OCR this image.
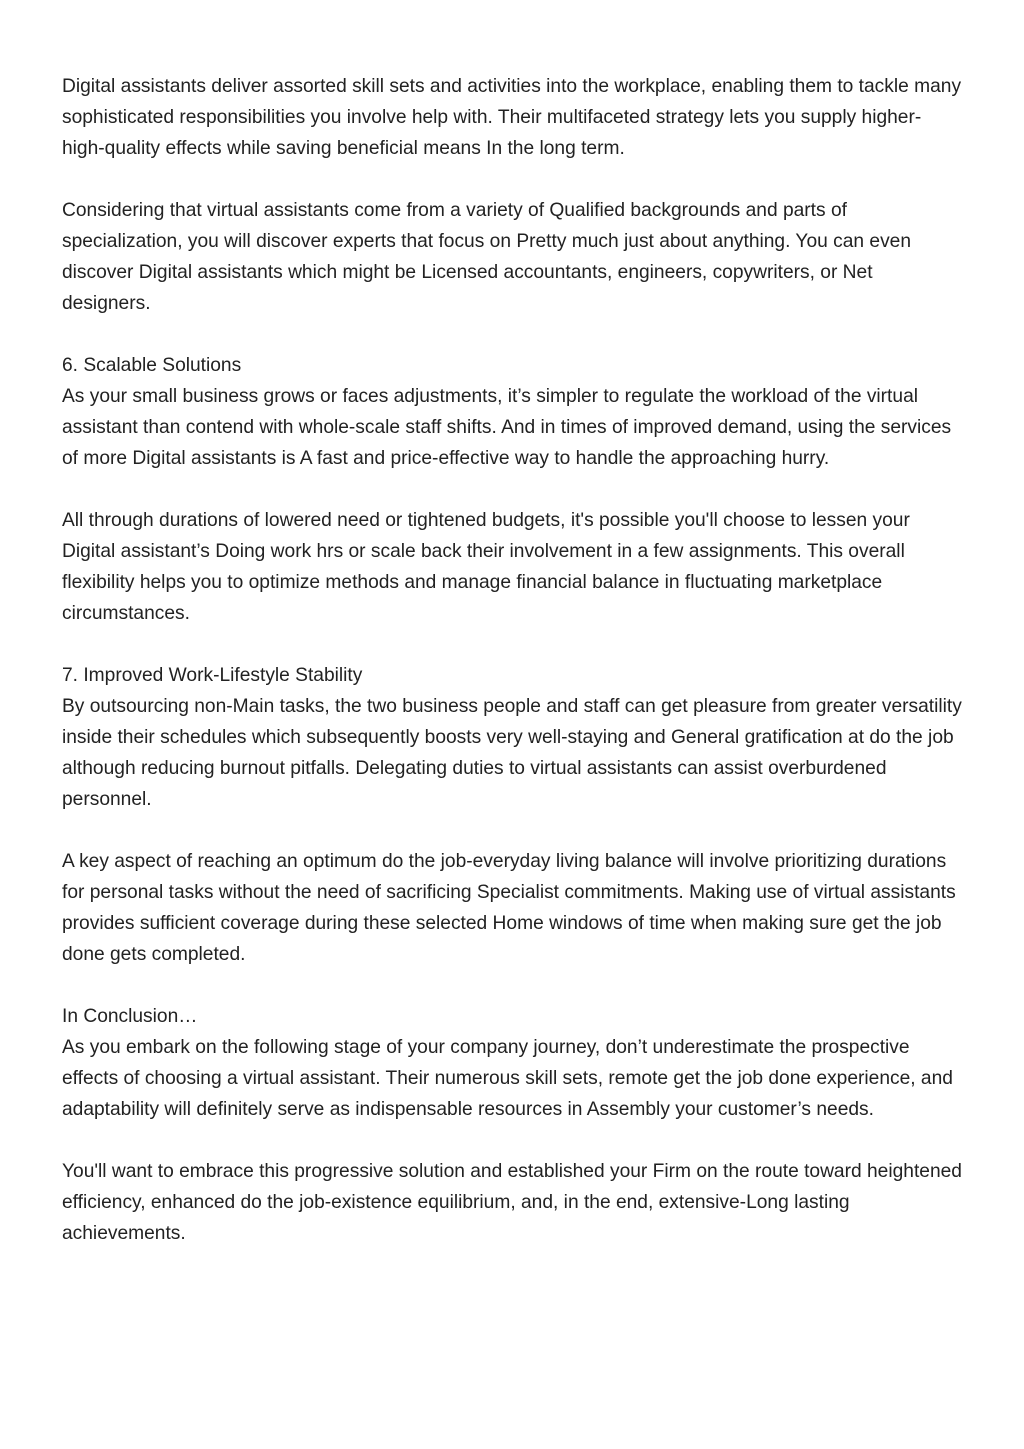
Digital assistants deliver assorted skill sets and activities into the workplace, enabling them to tackle many sophisticated responsibilities you involve help with. Their multifaceted strategy lets you supply higher-high-quality effects while saving beneficial means In the long term.

Considering that virtual assistants come from a variety of Qualified backgrounds and parts of specialization, you will discover experts that focus on Pretty much just about anything. You can even discover Digital assistants which might be Licensed accountants, engineers, copywriters, or Net designers.

6. Scalable Solutions
As your small business grows or faces adjustments, it’s simpler to regulate the workload of the virtual assistant than contend with whole-scale staff shifts. And in times of improved demand, using the services of more Digital assistants is A fast and price-effective way to handle the approaching hurry.

All through durations of lowered need or tightened budgets, it's possible you'll choose to lessen your Digital assistant’s Doing work hrs or scale back their involvement in a few assignments. This overall flexibility helps you to optimize methods and manage financial balance in fluctuating marketplace circumstances.

7. Improved Work-Lifestyle Stability
By outsourcing non-Main tasks, the two business people and staff can get pleasure from greater versatility inside their schedules which subsequently boosts very well-staying and General gratification at do the job although reducing burnout pitfalls. Delegating duties to virtual assistants can assist overburdened personnel.

A key aspect of reaching an optimum do the job-everyday living balance will involve prioritizing durations for personal tasks without the need of sacrificing Specialist commitments. Making use of virtual assistants provides sufficient coverage during these selected Home windows of time when making sure get the job done gets completed.

In Conclusion…
As you embark on the following stage of your company journey, don’t underestimate the prospective effects of choosing a virtual assistant. Their numerous skill sets, remote get the job done experience, and adaptability will definitely serve as indispensable resources in Assembly your customer’s needs.

You'll want to embrace this progressive solution and established your Firm on the route toward heightened efficiency, enhanced do the job-existence equilibrium, and, in the end, extensive-Long lasting achievements.
